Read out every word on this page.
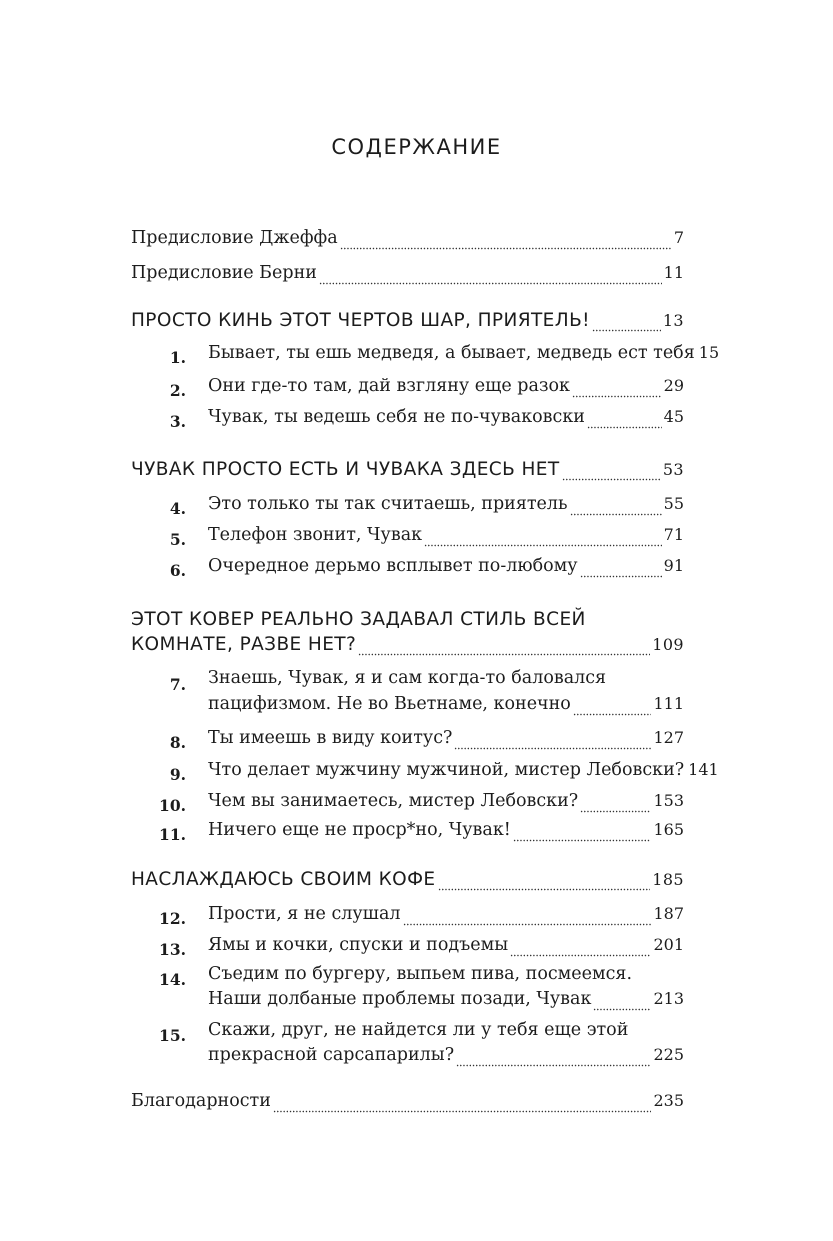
СОДЕРЖАНИЕ
Предисловие Джеффа	7
Предисловие Берни	11
ПРОСТО КИНЬ ЭТОТ ЧЕРТОВ ШАР, ПРИЯТЕЛЬ!	13
1. Бывает, ты ешь медведя, а бывает, медведь ест тебя 15
2. Они где-то там, дай взгляну еще разок	29
3. Чувак, ты ведешь себя не по-чуваковски	45
ЧУВАК ПРОСТО ЕСТЬ И ЧУВАКА ЗДЕСЬ НЕТ	53
4. Это только ты так считаешь, приятель	55
5. Телефон звонит, Чувак	71
6. Очередное дерьмо всплывет по-любому	91
ЭТОТ КОВЕР РЕАЛЬНО ЗАДАВАЛ СТИЛЬ ВСЕЙ
КОМНАТЕ, РАЗВЕ НЕТ?	109
7. Знаешь, Чувак, я и сам когда-то баловался
пацифизмом. Не во Вьетнаме, конечно	111
8. Ты имеешь в виду коитус?	127
9. Что делает мужчину мужчиной, мистер Лебовски? 141
10. Чем вы занимаетесь, мистер Лебовски?	153
11. Ничего еще не проср*но, Чувак!	165
НАСЛАЖДАЮСЬ СВОИМ КОФЕ	185
12. Прости, я не слушал	187
13. Ямы и кочки, спуски и подъемы	201
14. Съедим по бургеру, выпьем пива, посмеемся.
Наши долбаные проблемы позади, Чувак	213
15. Скажи, друг, не найдется ли у тебя еще этой
прекрасной сарсапарилы?	225
Благодарности	235
